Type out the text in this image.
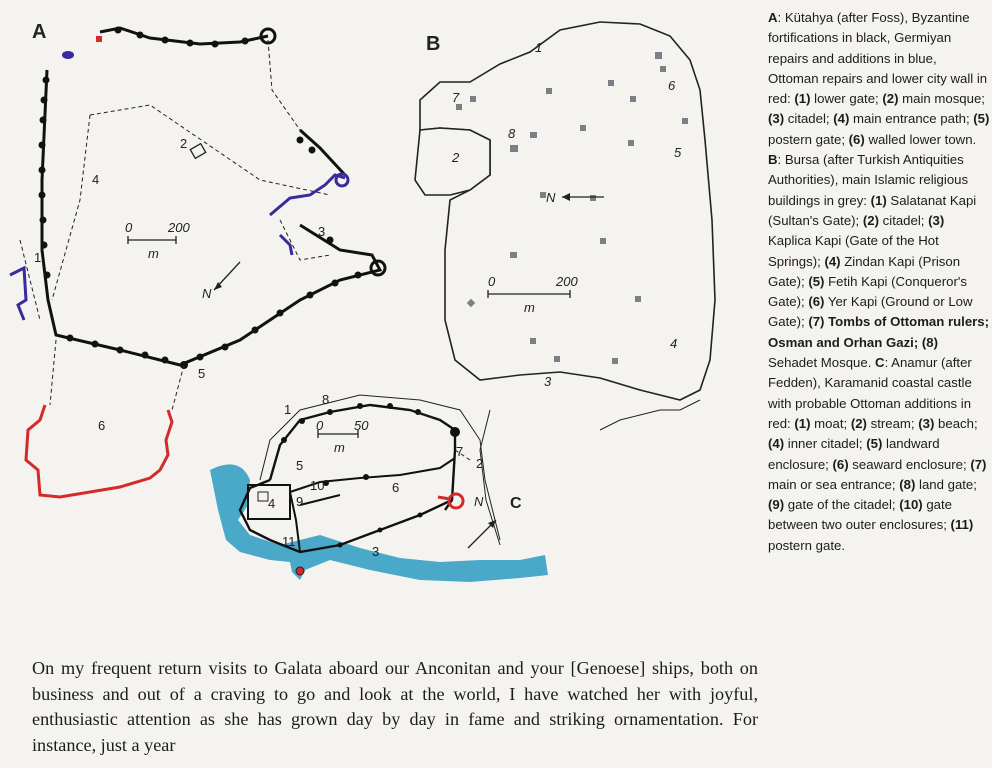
A
1
2
3
4
5
6
0	200
m
N
B	1
2
3
4
5
6
7
8
0	200
m
N
1
2
3
4
5
6
7
8
9
10
11
C
0 50
m
N
A: Kütahya (after Foss), Byzantine fortifications in black, Germiyan repairs and additions in blue, Ottoman repairs and lower city wall in red: (1) lower gate; (2) main mosque; (3) citadel; (4) main entrance path; (5) postern gate; (6) walled lower town. B: Bursa (after Turkish Antiquities Authorities), main Islamic religious buildings in grey: (1) Salatanat Kapi (Sultan's Gate); (2) citadel; (3) Kaplica Kapi (Gate of the Hot Springs); (4) Zindan Kapi (Prison Gate); (5) Fetih Kapi (Conqueror's Gate); (6) Yer Kapi (Ground or Low Gate); (7) Tombs of Ottoman rulers; Osman and Orhan Gazi; (8) Sehadet Mosque. C: Anamur (after Fedden), Karamanid coastal castle with probable Ottoman additions in red: (1) moat; (2) stream; (3) beach; (4) inner citadel; (5) landward enclosure; (6) seaward enclosure; (7) main or sea entrance; (8) land gate; (9) gate of the citadel; (10) gate between two outer enclosures; (11) postern gate.

On my frequent return visits to Galata aboard our Anconitan and your [Genoese] ships, both on business and out of a craving to go and look at the world, I have watched her with joyful, enthusiastic attention as she has grown day by day in fame and striking ornamentation. For instance, just a year
